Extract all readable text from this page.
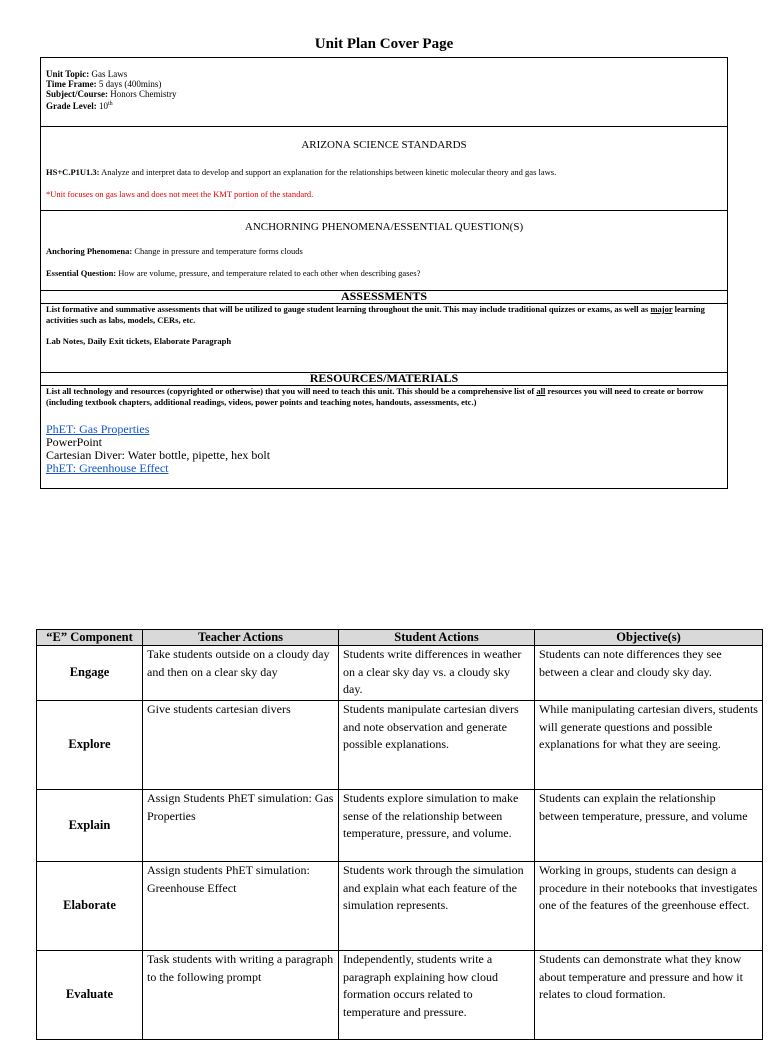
Unit Plan Cover Page
Unit Topic: Gas Laws
Time Frame: 5 days (400mins)
Subject/Course: Honors Chemistry
Grade Level: 10th
ARIZONA SCIENCE STANDARDS
HS+C.P1U1.3: Analyze and interpret data to develop and support an explanation for the relationships between kinetic molecular theory and gas laws.
*Unit focuses on gas laws and does not meet the KMT portion of the standard.
ANCHORNING PHENOMENA/ESSENTIAL QUESTION(S)
Anchoring Phenomena: Change in pressure and temperature forms clouds
Essential Question: How are volume, pressure, and temperature related to each other when describing gases?
ASSESSMENTS
List formative and summative assessments that will be utilized to gauge student learning throughout the unit. This may include traditional quizzes or exams, as well as major learning activities such as labs, models, CERs, etc.
Lab Notes, Daily Exit tickets, Elaborate Paragraph
RESOURCES/MATERIALS
List all technology and resources (copyrighted or otherwise) that you will need to teach this unit. This should be a comprehensive list of all resources you will need to create or borrow (including textbook chapters, additional readings, videos, power points and teaching notes, handouts, assessments, etc.)
PhET: Gas Properties
PowerPoint
Cartesian Diver: Water bottle, pipette, hex bolt
PhET: Greenhouse Effect
“E” Component	Teacher Actions	Student Actions	Objective(s)
Engage	Take students outside on a cloudy day and then on a clear sky day	Students write differences in weather on a clear sky day vs. a cloudy sky day.	Students can note differences they see between a clear and cloudy sky day.
Explore	Give students cartesian divers	Students manipulate cartesian divers and note observation and generate possible explanations.	While manipulating cartesian divers, students will generate questions and possible explanations for what they are seeing.
Explain	Assign Students PhET simulation: Gas Properties	Students explore simulation to make sense of the relationship between temperature, pressure, and volume.	Students can explain the relationship between temperature, pressure, and volume
Elaborate	Assign students PhET simulation: Greenhouse Effect	Students work through the simulation and explain what each feature of the simulation represents.	Working in groups, students can design a procedure in their notebooks that investigates one of the features of the greenhouse effect.
Evaluate	Task students with writing a paragraph to the following prompt	Independently, students write a paragraph explaining how cloud formation occurs related to temperature and pressure.	Students can demonstrate what they know about temperature and pressure and how it relates to cloud formation.
